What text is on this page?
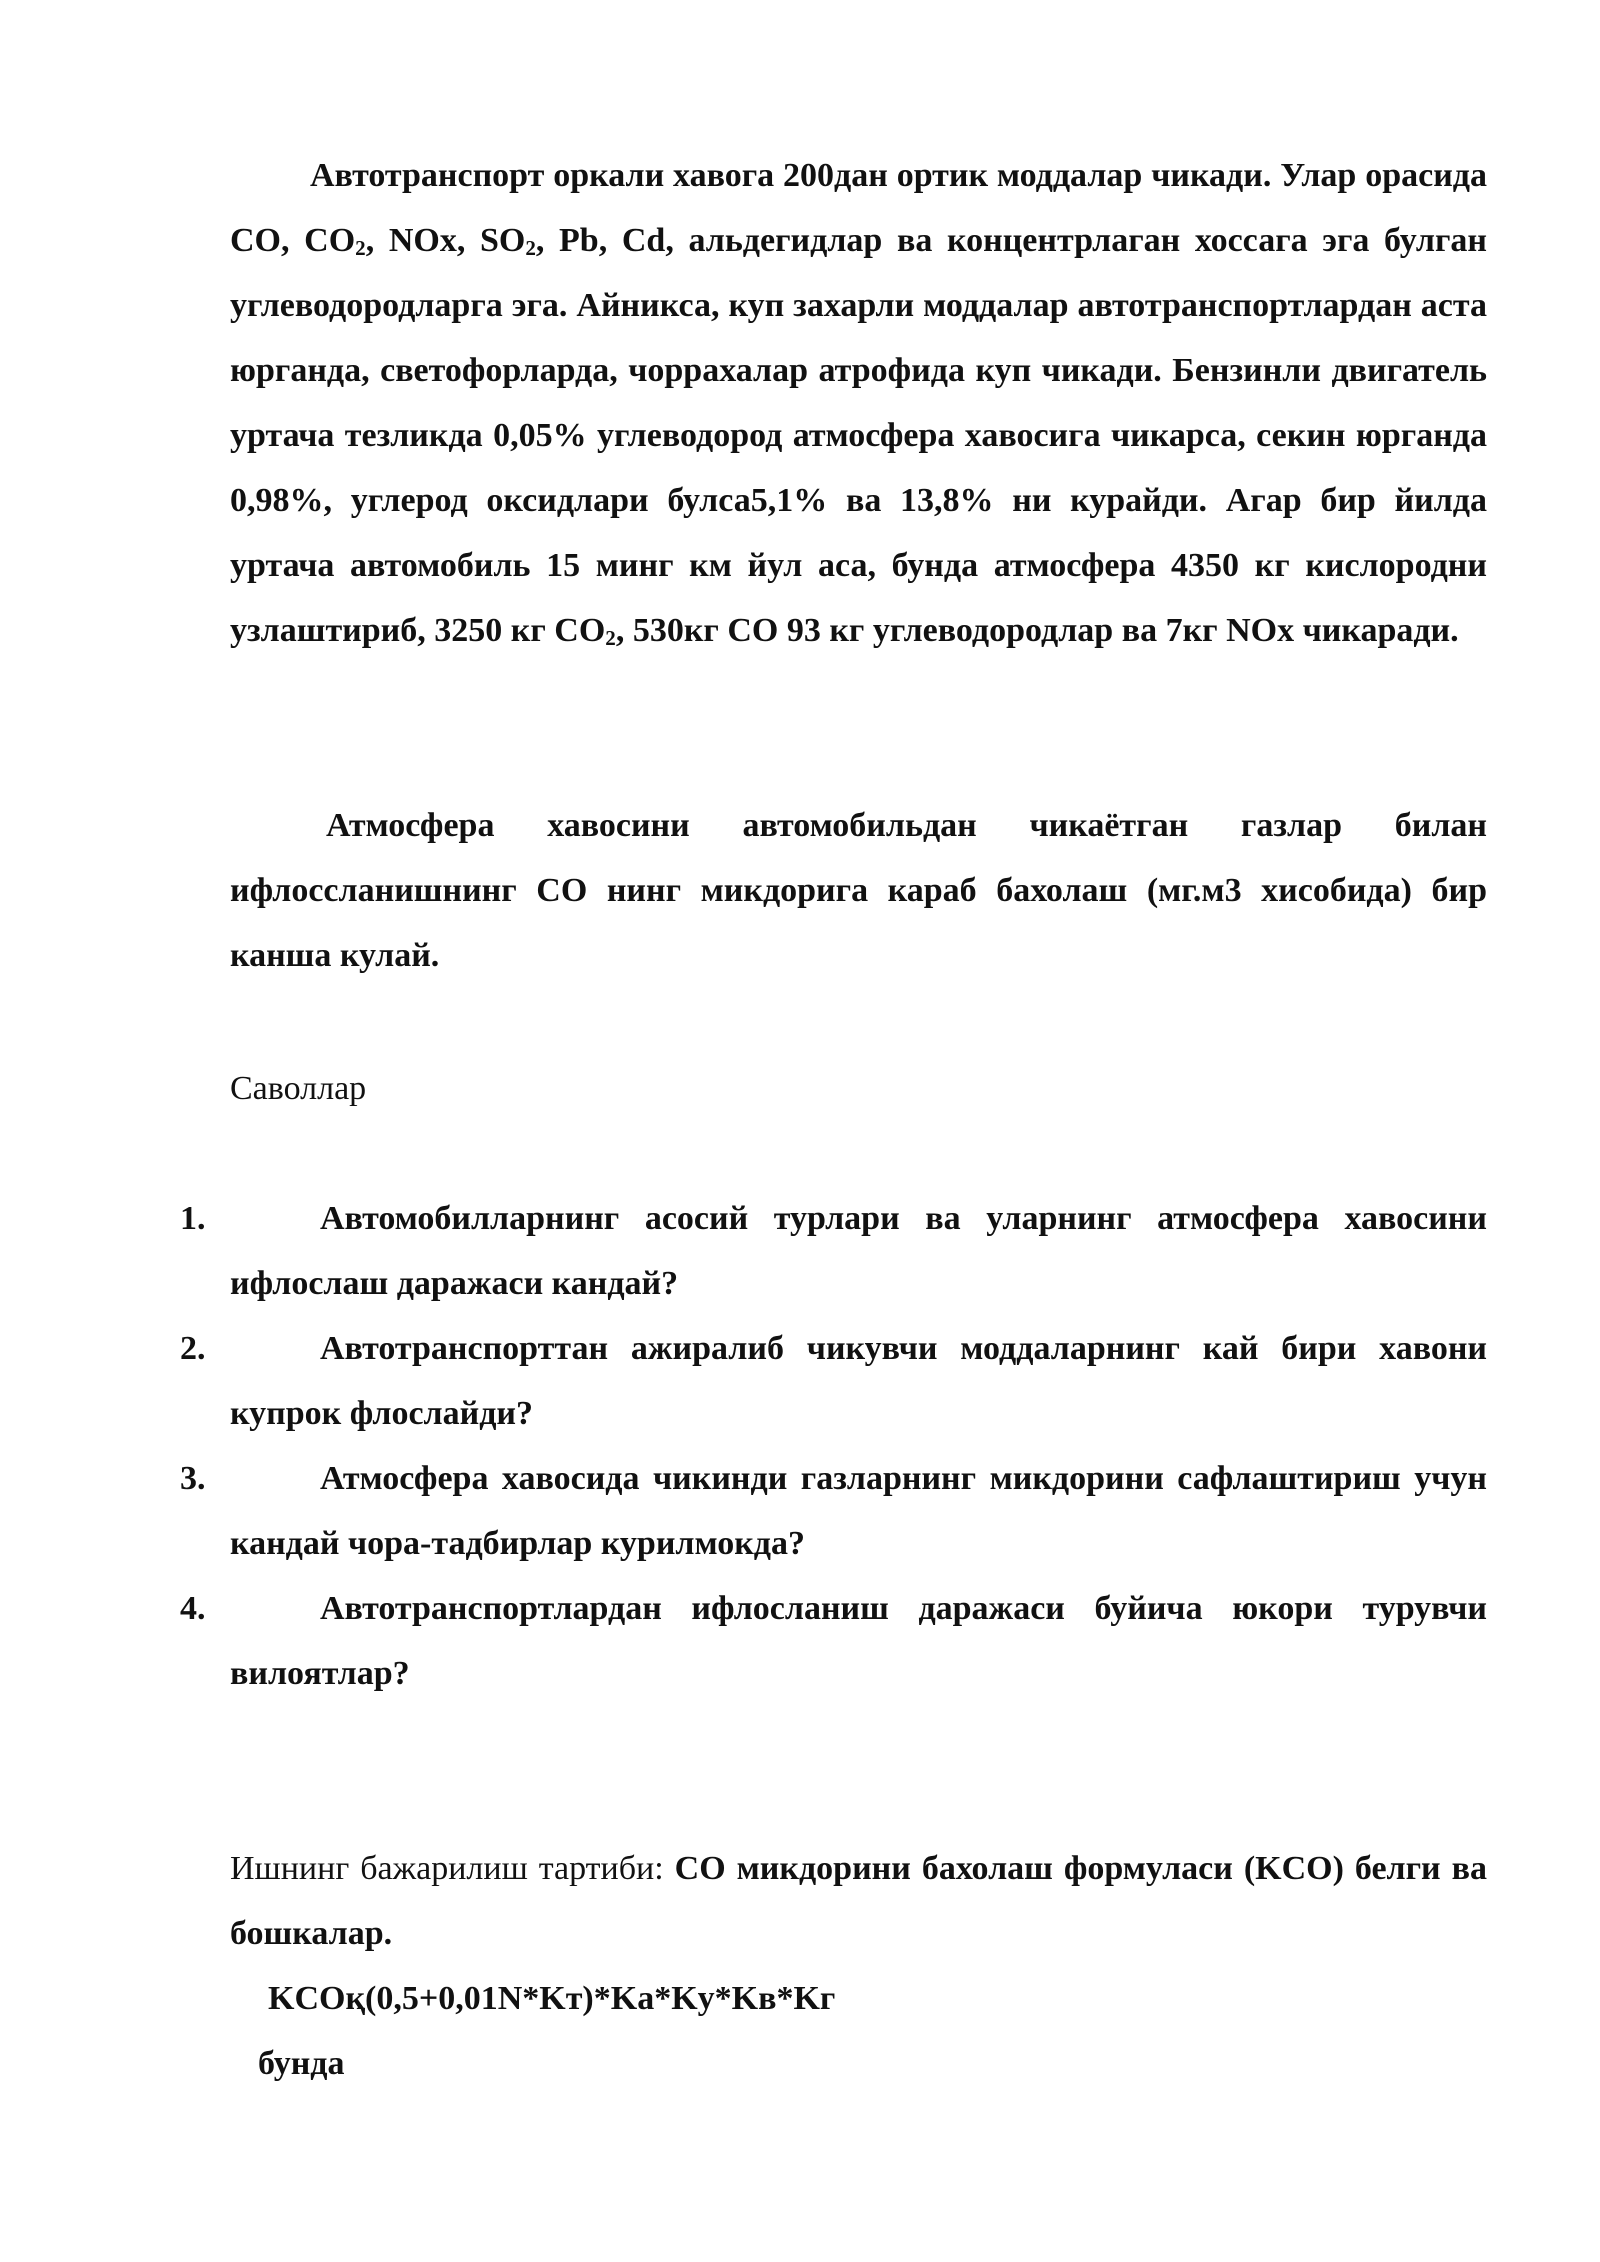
Автотранспорт оркали хавога 200дан ортик моддалар чикади. Улар орасида CO, $CO_2$, NOx, $SO_2$, Pb, Cd, альдегидлар ва концентрлаган хоссага эга булган углеводородларга эга. Айникса, куп захарли моддалар автотранспортлардан аста юрганда, светофорларда, чоррахалар атрофида куп чикади. Бензинли двигатель уртача тезликда 0,05% углеводород атмосфера хавосига чикарса, секин юрганда 0,98%, углерод оксидлари булса5,1% ва 13,8% ни курайди. Агар бир йилда уртача автомобиль 15 минг км йул аса, бунда атмосфера 4350 кг кислородни узлаштириб, 3250 кг $CO_2$, 530кг CO 93 кг углеводородлар ва 7кг NOx чикаради.
Атмосфера хавосини автомобильдан чикаётган газлар билан ифлоссланишнинг CO нинг микдорига караб бахолаш (мг.м3 хисобида) бир канша кулай.
Саволлар
1.	Автомобилларнинг асосий турлари ва уларнинг атмосфера хавосини ифлослаш даражаси кандай?
2.	Автотранспорттан ажиралиб чикувчи моддаларнинг кай бири хавони купрок флослайди?
3.	Атмосфера хавосида чикинди газларнинг микдорини сафлаштириш учун кандай чора-тадбирлар курилмокда?
4.	Автотранспортлардан ифлосланиш даражаси буйича юкори турувчи вилоятлар?
Ишнинг бажарилиш тартиби: CO микдорини бахолаш формуласи (KCO) белги ва бошкалар.
KCOқ(0,5+0,01N*Kт)*Ka*Kу*Kв*Kг
бунда
